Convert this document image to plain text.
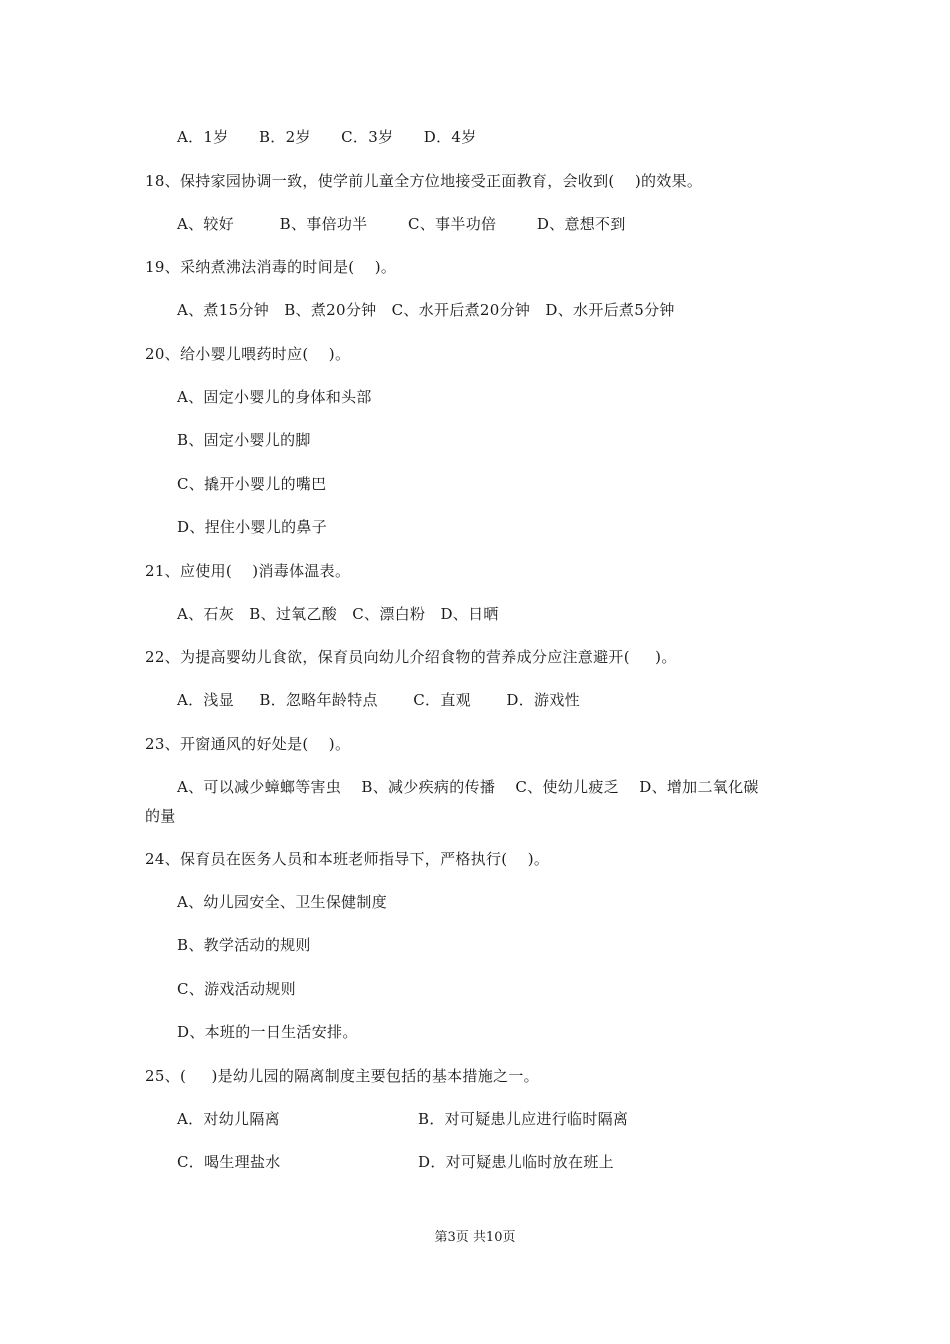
A．1岁      B．2岁      C．3岁      D．4岁
18、保持家园协调一致，使学前儿童全方位地接受正面教育，会收到(    )的效果。
A、较好         B、事倍功半        C、事半功倍        D、意想不到
19、采纳煮沸法消毒的时间是(    )。
A、煮15分钟   B、煮20分钟   C、水开后煮20分钟   D、水开后煮5分钟
20、给小婴儿喂药时应(    )。
A、固定小婴儿的身体和头部
B、固定小婴儿的脚
C、撬开小婴儿的嘴巴
D、捏住小婴儿的鼻子
21、应使用(    )消毒体温表。
A、石灰   B、过氧乙酸   C、漂白粉   D、日晒
22、为提高婴幼儿食欲，保育员向幼儿介绍食物的营养成分应注意避开(     )。
A．浅显     B．忽略年龄特点       C．直观       D．游戏性
23、开窗通风的好处是(    )。
A、可以减少蟑螂等害虫    B、减少疾病的传播    C、使幼儿疲乏    D、增加二氧化碳
的量
24、保育员在医务人员和本班老师指导下，严格执行(    )。
A、幼儿园安全、卫生保健制度
B、教学活动的规则
C、游戏活动规则
D、本班的一日生活安排。
25、(     )是幼儿园的隔离制度主要包括的基本措施之一。
A．对幼儿隔离	B．对可疑患儿应进行临时隔离
C．喝生理盐水	D．对可疑患儿临时放在班上
第3页 共10页
